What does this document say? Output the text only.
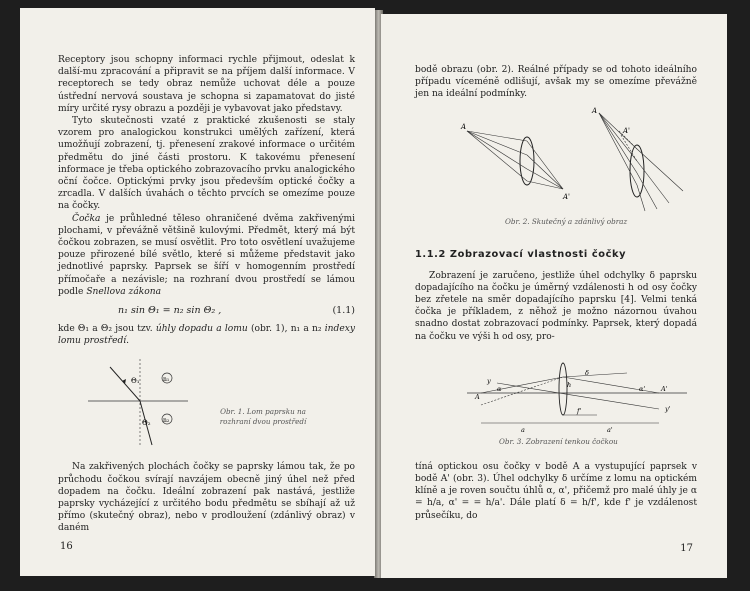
Receptory jsou schopny informaci rychle přijmout, odeslat k další-mu zpracování a připravit se na příjem další informace. V receptorech se tedy obraz nemůže uchovat déle a pouze ústřední nervová soustava je schopna si zapamatovat do jisté míry určité rysy obrazu a později je vybavovat jako představy.

Tyto skutečnosti vzaté z praktické zkušenosti se staly vzorem pro analogickou konstrukci umělých zařízení, která umožňují zobrazení, tj. přenesení zrakové informace o určitém předmětu do jiné části prostoru. K takovému přenesení informace je třeba optického zobrazovacího prvku analogického oční čočce. Optickými prvky jsou především optické čočky a zrcadla. V dalších úvahách o těchto prvcích se omezíme pouze na čočky.

Čočka je průhledné těleso ohraničené dvěma zakřivenými plochami, v převážně většině kulovými. Předmět, který má být čočkou zobrazen, se musí osvětlit. Pro toto osvětlení uvažujeme pouze přirozené bílé světlo, které si můžeme představit jako jednotlivé paprsky. Paprsek se šíří v homogenním prostředí přímočaře a nezávisle; na rozhraní dvou prostředí se lámou podle Snellova zákona

n₁ sin Θ₁ = n₂ sin Θ₂ ,	(1.1)

kde Θ₁ a Θ₂ jsou tzv. úhly dopadu a lomu (obr. 1), n₁ a n₂ indexy lomu prostředí.

Θ₁
Θ₂
n₁
n₂
Obr. 1. Lom paprsku na rozhraní dvou prostředí

Na zakřivených plochách čočky se paprsky lámou tak, že po průchodu čočkou svírají navzájem obecně jiný úhel než před dopadem na čočku. Ideální zobrazení pak nastává, jestliže paprsky vycházející z určitého bodu předmětu se sbíhají až už přímo (skutečný obraz), nebo v prodloužení (zdánlivý obraz) v daném

16

bodě obrazu (obr. 2). Reálné případy se od tohoto ideálního případu víceméně odlišují, avšak my se omezíme převážně jen na ideální podmínky.

A
A'
A
A'
Obr. 2. Skutečný a zdánlivý obraz
1.1.2 Zobrazovací vlastnosti čočky

Zobrazení je zaručeno, jestliže úhel odchylky δ paprsku dopadajícího na čočku je úměrný vzdálenosti h od osy čočky bez zřetele na směr dopadajícího paprsku [4]. Velmi tenká čočka je příkladem, z něhož je možno názornou úvahou snadno dostat zobrazovací podmínky. Paprsek, který dopadá na čočku ve výši h od osy, pro-

A
A'
a	a'
f'
h
α	α'
δ
y
y'
Obr. 3. Zobrazení tenkou čočkou

tíná optickou osu čočky v bodě A a vystupující paprsek v bodě A' (obr. 3). Úhel odchylky δ určíme z lomu na optickém klíně a je roven součtu úhlů α, α', přičemž pro malé úhly je α = h/a, α' = = h/a'. Dále platí δ = h/f', kde f' je vzdálenost průsečíku, do

17
